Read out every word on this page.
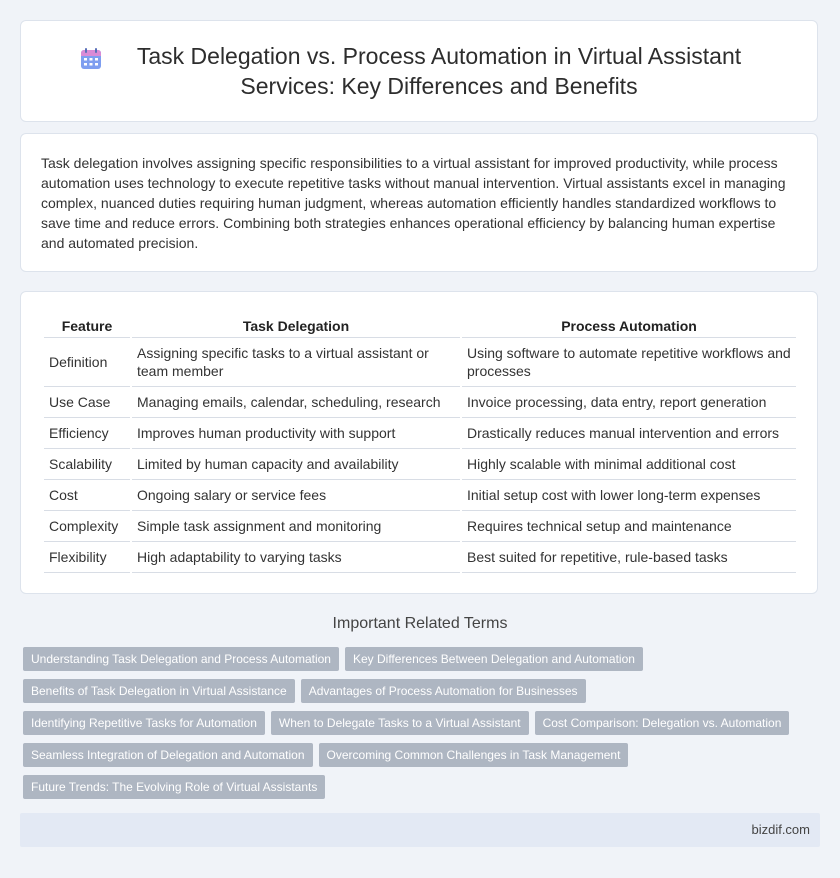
Task Delegation vs. Process Automation in Virtual Assistant Services: Key Differences and Benefits

Task delegation involves assigning specific responsibilities to a virtual assistant for improved productivity, while process automation uses technology to execute repetitive tasks without manual intervention. Virtual assistants excel in managing complex, nuanced duties requiring human judgment, whereas automation efficiently handles standardized workflows to save time and reduce errors. Combining both strategies enhances operational efficiency by balancing human expertise and automated precision.

Feature	Task Delegation	Process Automation
Definition	Assigning specific tasks to a virtual assistant or team member	Using software to automate repetitive workflows and processes
Use Case	Managing emails, calendar, scheduling, research	Invoice processing, data entry, report generation
Efficiency	Improves human productivity with support	Drastically reduces manual intervention and errors
Scalability	Limited by human capacity and availability	Highly scalable with minimal additional cost
Cost	Ongoing salary or service fees	Initial setup cost with lower long-term expenses
Complexity	Simple task assignment and monitoring	Requires technical setup and maintenance
Flexibility	High adaptability to varying tasks	Best suited for repetitive, rule-based tasks
Important Related Terms
Understanding Task Delegation and Process Automation Key Differences Between Delegation and Automation
Benefits of Task Delegation in Virtual Assistance Advantages of Process Automation for Businesses
Identifying Repetitive Tasks for Automation When to Delegate Tasks to a Virtual Assistant Cost Comparison: Delegation vs. Automation
Seamless Integration of Delegation and Automation Overcoming Common Challenges in Task Management
Future Trends: The Evolving Role of Virtual Assistants
bizdif.com
